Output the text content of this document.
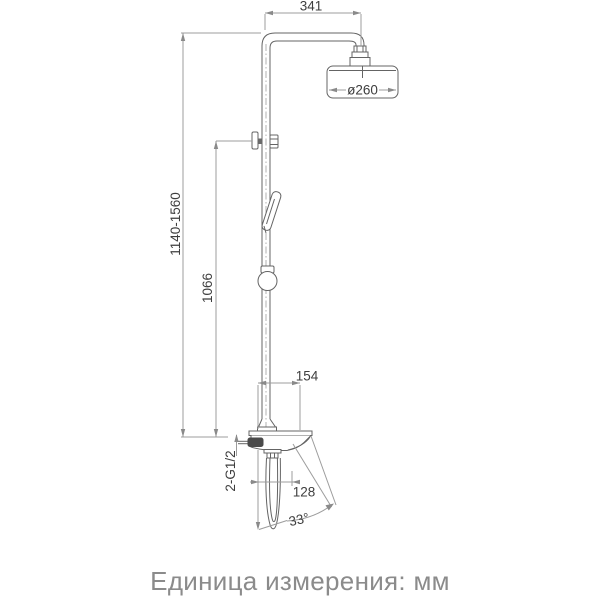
341
ø260
1140-1560
1066
154
128
2-G1/2
33°
Единица измерения: мм
